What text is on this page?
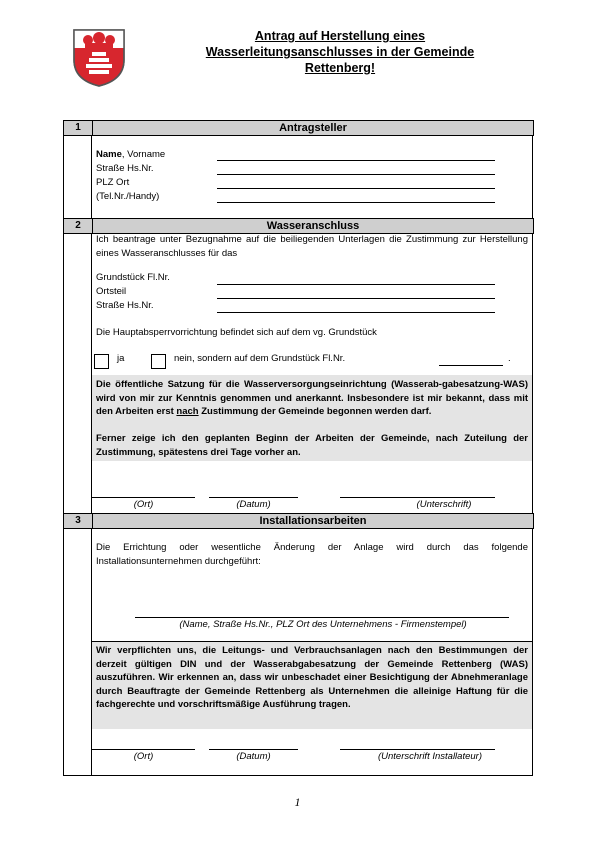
Antrag auf Herstellung eines
Wasserleitungsanschlusses in der Gemeinde
Rettenberg!
1	Antragsteller
Name, Vorname
Straße Hs.Nr.
PLZ Ort
(Tel.Nr./Handy)
2	Wasseranschluss
Ich beantrage unter Bezugnahme auf die beiliegenden Unterlagen die Zustimmung zur Herstellung eines Wasseranschlusses für das
Grundstück Fl.Nr.
Ortsteil
Straße Hs.Nr.
Die Hauptabsperrvorrichtung befindet sich auf dem vg. Grundstück
ja	nein, sondern auf dem Grundstück Fl.Nr.	.
Die öffentliche Satzung für die Wasserversorgungseinrichtung (Wasserab-gabesatzung-WAS) wird von mir zur Kenntnis genommen und anerkannt. Insbesondere ist mir bekannt, dass mit den Arbeiten erst nach Zustimmung der Gemeinde begonnen werden darf.
Ferner zeige ich den geplanten Beginn der Arbeiten der Gemeinde, nach Zuteilung der Zustimmung, spätestens drei Tage vorher an.
(Ort)	(Datum)	(Unterschrift)
3	Installationsarbeiten
Die Errichtung oder wesentliche Änderung der Anlage wird durch das folgende Installationsunternehmen durchgeführt:
(Name, Straße Hs.Nr., PLZ Ort des Unternehmens - Firmenstempel)
Wir verpflichten uns, die Leitungs- und Verbrauchsanlagen nach den Bestimmungen der derzeit gültigen DIN und der Wasserabgabesatzung der Gemeinde Rettenberg (WAS) auszuführen. Wir erkennen an, dass wir unbeschadet einer Besichtigung der Abnehmeranlage durch Beauftragte der Gemeinde Rettenberg als Unternehmen die alleinige Haftung für die fachgerechte und vorschriftsmäßige Ausführung tragen.
(Ort)	(Datum)	(Unterschrift Installateur)
1
